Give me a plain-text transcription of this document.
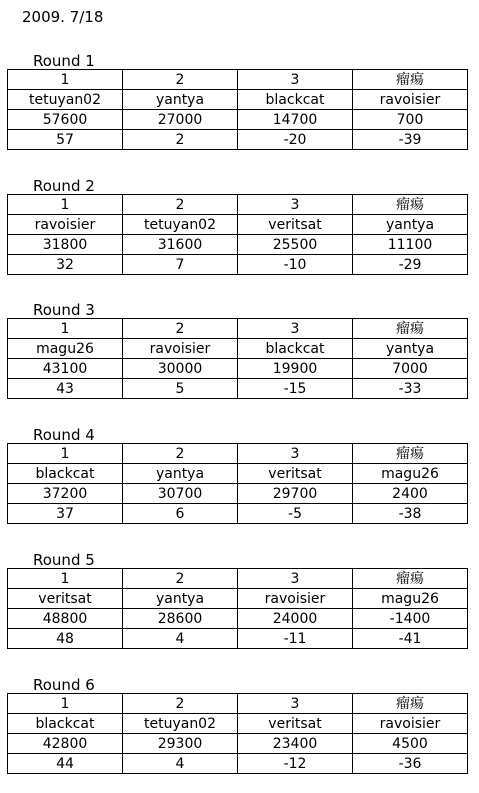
2009. 7/18
Round 1
1	2	3	瘤瘍
tetuyan02	yantya	blackcat	ravoisier
57600	27000	14700	700
57	2	-20	-39
Round 2
1	2	3	瘤瘍
ravoisier	tetuyan02	veritsat	yantya
31800	31600	25500	11100
32	7	-10	-29
Round 3
1	2	3	瘤瘍
magu26	ravoisier	blackcat	yantya
43100	30000	19900	7000
43	5	-15	-33
Round 4
1	2	3	瘤瘍
blackcat	yantya	veritsat	magu26
37200	30700	29700	2400
37	6	-5	-38
Round 5
1	2	3	瘤瘍
veritsat	yantya	ravoisier	magu26
48800	28600	24000	-1400
48	4	-11	-41
Round 6
1	2	3	瘤瘍
blackcat	tetuyan02	veritsat	ravoisier
42800	29300	23400	4500
44	4	-12	-36
